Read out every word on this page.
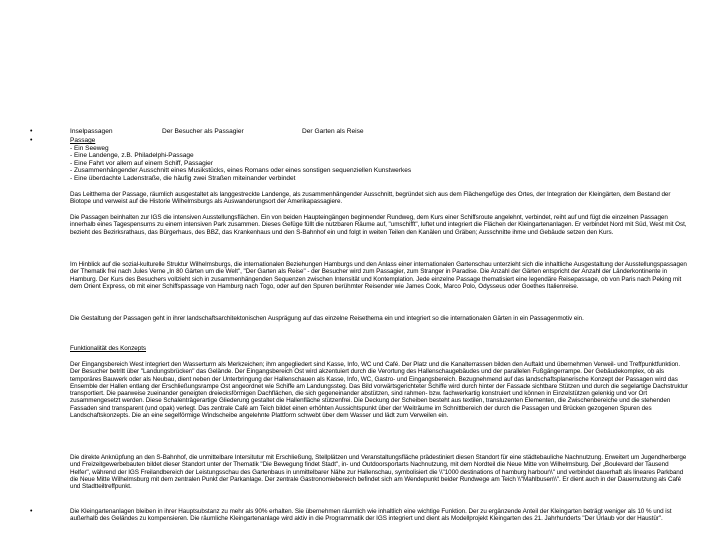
•	Inselpassagen	Der Besucher als Passagier	Der Garten als Reise
•	Passage
- Ein Seeweg
- Eine Landenge, z.B. Philadelphi-Passage
- Eine Fahrt vor allem auf einem Schiff, Passagier
- Zusammenhängender Ausschnitt eines Musikstücks, eines Romans oder eines sonstigen sequenziellen Kunstwerkes
- Eine überdachte Ladenstraße, die häufig zwei Straßen miteinander verbindet

Das Leitthema der Passage, räumlich ausgestaltet als langgestreckte Landenge, als zusammenhängender Ausschnitt, begründet sich aus dem Flächengefüge des Ortes, der Integration der Kleingärten, dem Bestand der Biotope und verweist auf die Historie Wilhelmsburgs als Auswanderungsort der Amerikapassagiere.

Die Passagen beinhalten zur IGS die intensiven Ausstellungsflächen. Ein von beiden Haupteingängen beginnender Rundweg, dem Kurs einer Schiffsroute angelehnt, verbindet, reiht auf und fügt die einzelnen Passagen innerhalb eines Tagespensums zu einem intensiven Park zusammen. Dieses Gefüge füllt die nutzbaren Räume auf, "umschifft", luftet und integriert die Flächen der Kleingartenanlagen. Er verbindet Nord mit Süd, West mit Ost, bezieht des Bezirksrathaus, das Bürgerhaus, des BBZ, das Krankenhaus und den S-Bahnhof ein und folgt in weiten Teilen den Kanälen und Gräben; Ausschnitte ihme und Gebäude setzen den Kurs.

Im Hinblick auf die sozial-kulturelle Struktur Wilhelmsburgs, die internationalen Beziehungen Hamburgs und den Anlass einer internationalen Gartenschau unterzieht sich die inhaltliche Ausgestaltung der Ausstellungspassagen der Thematik frei nach Jules Verne „In 80 Gärten um die Welt", "Der Garten als Reise" - der Besucher wird zum Passagier, zum Stranger in Paradise. Die Anzahl der Gärten entspricht der Anzahl der Länderkontinente in Hamburg. Der Kurs des Besuchers vollzieht sich in zusammenhängenden Sequenzen zwischen Intensität und Kontemplation. Jede einzelne Passage thematisiert eine legendäre Reisepassage, ob von Paris nach Peking mit dem Orient Express, ob mit einer Schiffspassage von Hamburg nach Togo, oder auf den Spuren berühmter Reisender wie James Cook, Marco Polo, Odysseus oder Goethes Italienreise.

Die Gestaltung der Passagen geht in ihrer landschaftsarchitektonischen Ausprägung auf das einzelne Reisethema ein und integriert so die internationalen Gärten in ein Passagenmotiv ein.

Funktionalität des Konzepts

Der Eingangsbereich West integriert den Wasserturm als Merkzeichen; ihm angegliedert sind Kasse, Info, WC und Café. Der Platz und die Kanalterrassen bilden den Auftakt und übernehmen Verweil- und Treffpunktfunktion. Der Besucher betritt über "Landungsbrücken" das Gelände. Der Eingangsbereich Ost wird akzentuiert durch die Verortung des Hallenschaugebäudes und der parallelen Fußgängerrampe. Der Gebäudekomplex, ob als temporäres Bauwerk oder als Neubau, dient neben der Unterbringung der Hallenschauen als Kasse, Info, WC, Gastro- und Eingangsbereich. Bezugnehmend auf das landschaftsplanerische Konzept der Passagen wird das Ensemble der Hallen entlang der Erschließungsrampe Ost angeordnet wie Schiffe am Landungssteg. Das Bild vorwärtsgerichteter Schiffe wird durch hinter der Fassade sichtbare Stützen und durch die segelartige Dachstruktur transportiert. Die paarweise zueinander geneigten dreiecksförmigen Dachflächen, die sich gegeneinander abstützen, sind rahmen- bzw. fachwerkartig konstruiert und können in Einzelstützen gelenkig und vor Ort zusammengesetzt werden. Diese Schalenträgerartige Gliederung gestaltet die Hallenfläche stützenfrei. Die Deckung der Scheiben besteht aus textilen, transluzenten Elementen, die Zwischenbereiche und die stehenden Fassaden sind transparent (und opak) verlegt. Das zentrale Café am Teich bildet einen erhöhten Aussichtspunkt über der Weiträume im Schnittbereich der durch die Passagen und Brücken gezogenen Spuren des Landschaftskonzepts. Die an eine segelförmige Windscheibe angelehnte Plattform schwebt über dem Wasser und lädt zum Verweilen ein.

Die direkte Anknüpfung an den S-Bahnhof, die unmittelbare Intersitutur mit Erschließung, Stellplätzen und Veranstaltungsfläche prädestiniert diesen Standort für eine städtebauliche Nachnutzung. Erweitert um Jugendherberge und Freizeitgewerbebauten bildet dieser Standort unter der Thematik "Die Bewegung findet Stadt", in- und Outdoorsportarts Nachnutzung, mit dem Nordteil die Neue Mitte von Wilhelmsburg. Der „Boulevard der Tausend Helfer", während der IGS Freilandbereich der Leistungsschau des Gartenbaus in unmittelbarer Nähe zur Hallenschau, symbolisiert die \\"1000 destinations of hamburg harbour\\" und verbindet dauerhaft als lineares Parkband die Neue Mitte Wilhelmsburg mit dem zentralen Punkt der Parkanlage. Der zentrale Gastronomiebereich befindet sich am Wendepunkt beider Rundwege am Teich \\"Mahlbusen\\". Er dient auch in der Dauernutzung als Café und Stadtteiltreffpunkt.

•	Die Kleingartenanlagen bleiben in ihrer Hauptsubstanz zu mehr als 90% erhalten. Sie übernehmen räumlich wie inhaltlich eine wichtige Funktion. Der zu ergänzende Anteil der Kleingarten beträgt weniger als 10 % und ist außerhalb des Geländes zu kompensieren. Die räumliche Kleingartenanlage wird aktiv in die Programmatik der IGS integriert und dient als Modellprojekt Kleingarten des 21. Jahrhunderts "Der Urlaub vor der Haustür".
